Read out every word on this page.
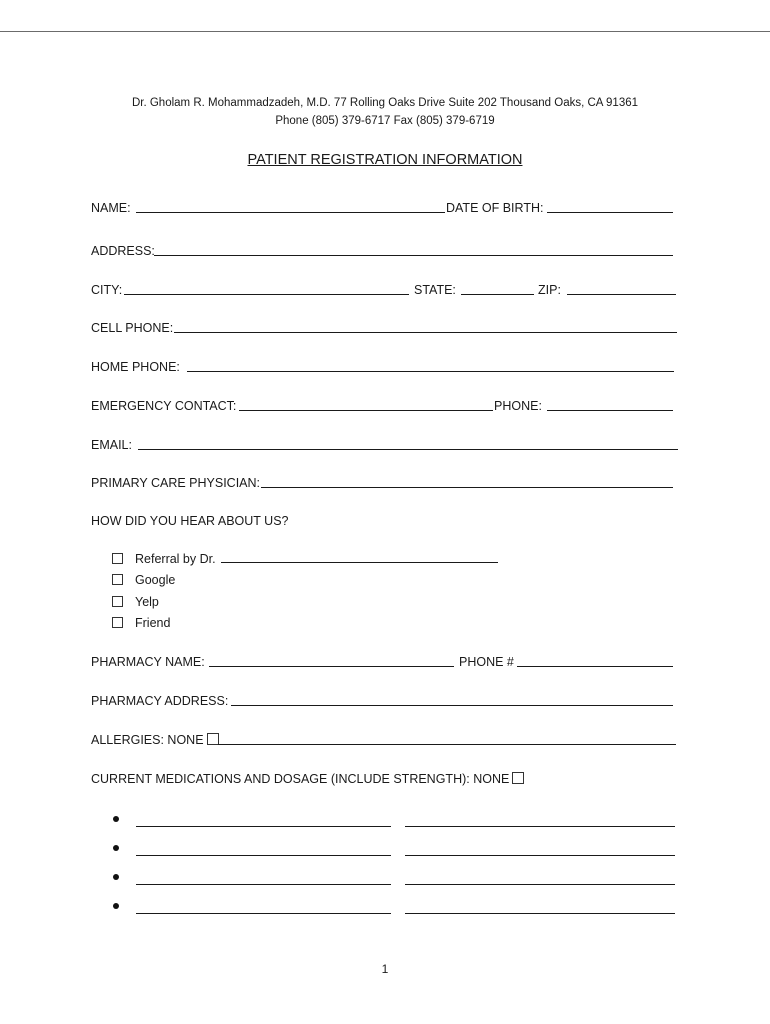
Dr. Gholam R. Mohammadzadeh, M.D. 77 Rolling Oaks Drive Suite 202 Thousand Oaks, CA 91361
Phone (805) 379-6717 Fax (805) 379-6719
PATIENT REGISTRATION INFORMATION
NAME:	DATE OF BIRTH:
ADDRESS:
CITY:	STATE:	ZIP:
CELL PHONE:
HOME PHONE:
EMERGENCY CONTACT:	PHONE:
EMAIL:
PRIMARY CARE PHYSICIAN:
HOW DID YOU HEAR ABOUT US?
Referral by Dr.
Google
Yelp
Friend
PHARMACY NAME:	PHONE #
PHARMACY ADDRESS:
ALLERGIES: NONE
CURRENT MEDICATIONS AND DOSAGE (INCLUDE STRENGTH): NONE
1
